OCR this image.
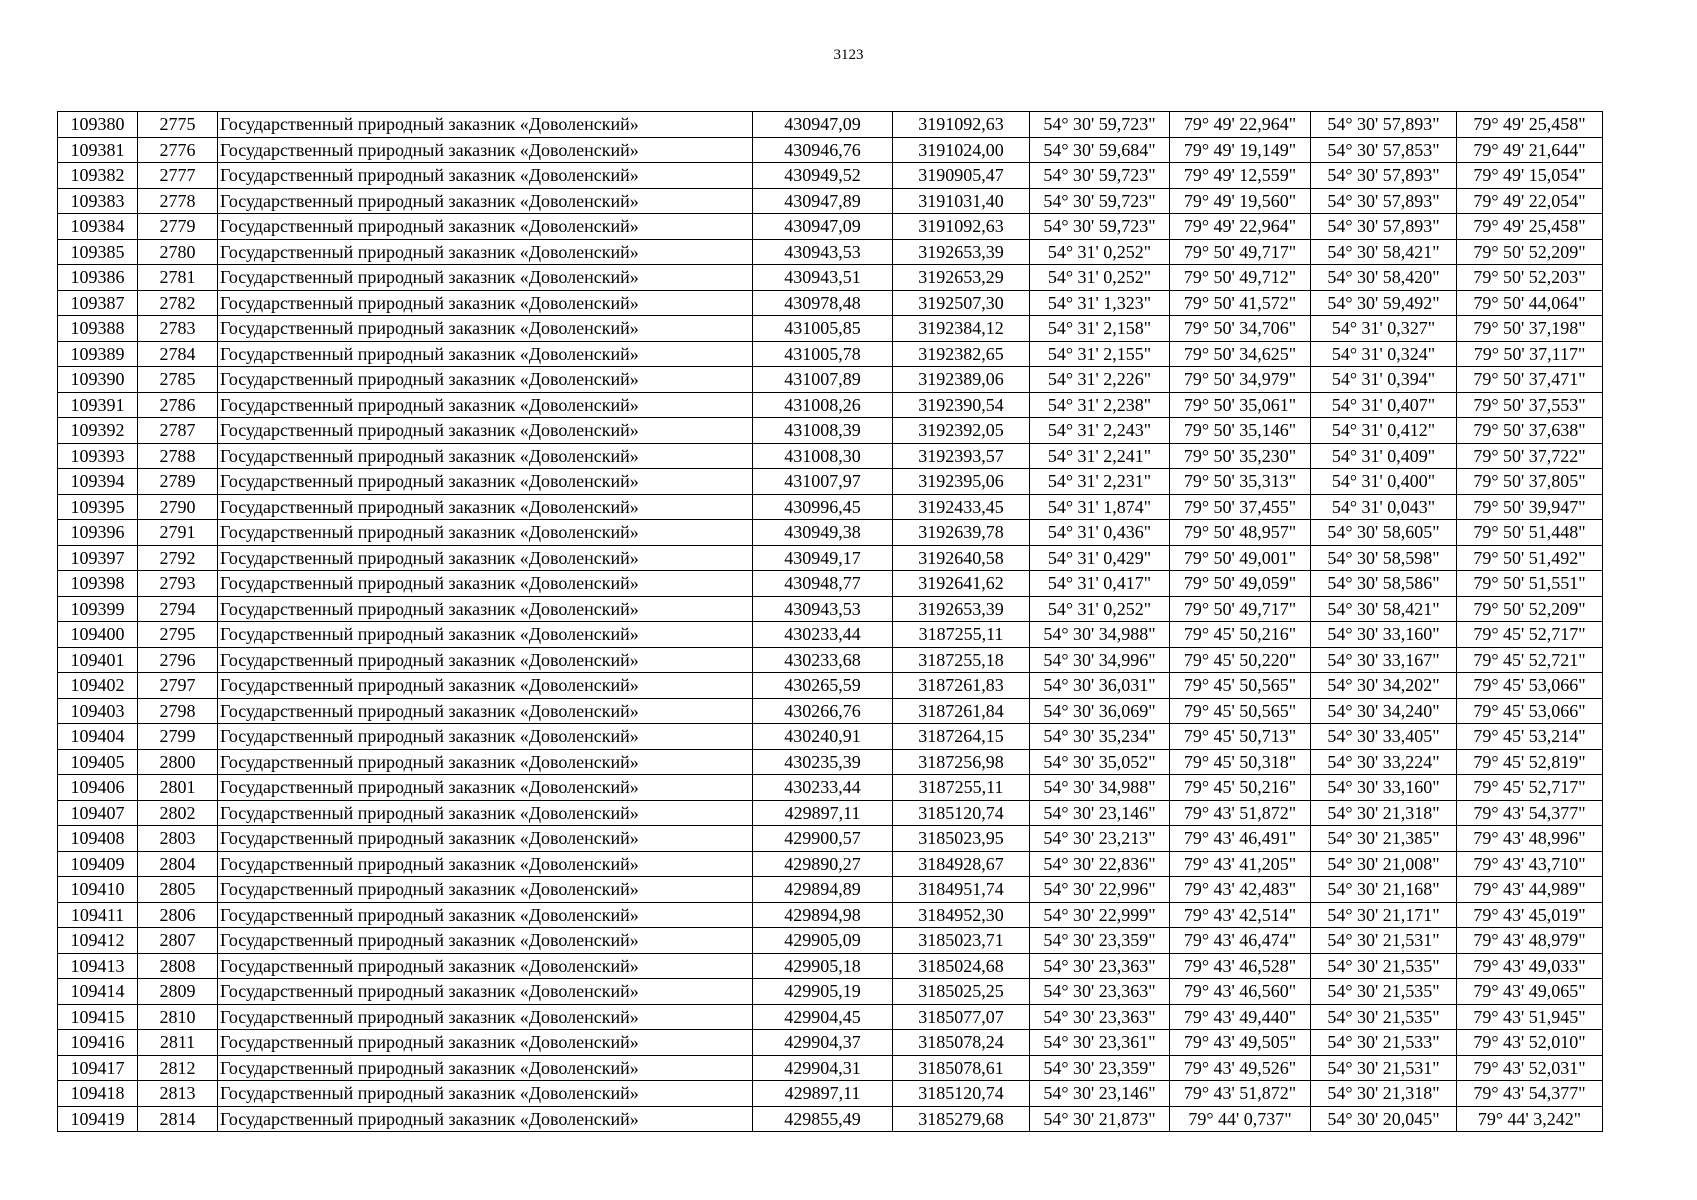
3123
109380	2775	Государственный природный заказник «Доволенский»	430947,09	3191092,63	54° 30' 59,723"	79° 49' 22,964"	54° 30' 57,893"	79° 49' 25,458"
109381	2776	Государственный природный заказник «Доволенский»	430946,76	3191024,00	54° 30' 59,684"	79° 49' 19,149"	54° 30' 57,853"	79° 49' 21,644"
109382	2777	Государственный природный заказник «Доволенский»	430949,52	3190905,47	54° 30' 59,723"	79° 49' 12,559"	54° 30' 57,893"	79° 49' 15,054"
109383	2778	Государственный природный заказник «Доволенский»	430947,89	3191031,40	54° 30' 59,723"	79° 49' 19,560"	54° 30' 57,893"	79° 49' 22,054"
109384	2779	Государственный природный заказник «Доволенский»	430947,09	3191092,63	54° 30' 59,723"	79° 49' 22,964"	54° 30' 57,893"	79° 49' 25,458"
109385	2780	Государственный природный заказник «Доволенский»	430943,53	3192653,39	54° 31' 0,252"	79° 50' 49,717"	54° 30' 58,421"	79° 50' 52,209"
109386	2781	Государственный природный заказник «Доволенский»	430943,51	3192653,29	54° 31' 0,252"	79° 50' 49,712"	54° 30' 58,420"	79° 50' 52,203"
109387	2782	Государственный природный заказник «Доволенский»	430978,48	3192507,30	54° 31' 1,323"	79° 50' 41,572"	54° 30' 59,492"	79° 50' 44,064"
109388	2783	Государственный природный заказник «Доволенский»	431005,85	3192384,12	54° 31' 2,158"	79° 50' 34,706"	54° 31' 0,327"	79° 50' 37,198"
109389	2784	Государственный природный заказник «Доволенский»	431005,78	3192382,65	54° 31' 2,155"	79° 50' 34,625"	54° 31' 0,324"	79° 50' 37,117"
109390	2785	Государственный природный заказник «Доволенский»	431007,89	3192389,06	54° 31' 2,226"	79° 50' 34,979"	54° 31' 0,394"	79° 50' 37,471"
109391	2786	Государственный природный заказник «Доволенский»	431008,26	3192390,54	54° 31' 2,238"	79° 50' 35,061"	54° 31' 0,407"	79° 50' 37,553"
109392	2787	Государственный природный заказник «Доволенский»	431008,39	3192392,05	54° 31' 2,243"	79° 50' 35,146"	54° 31' 0,412"	79° 50' 37,638"
109393	2788	Государственный природный заказник «Доволенский»	431008,30	3192393,57	54° 31' 2,241"	79° 50' 35,230"	54° 31' 0,409"	79° 50' 37,722"
109394	2789	Государственный природный заказник «Доволенский»	431007,97	3192395,06	54° 31' 2,231"	79° 50' 35,313"	54° 31' 0,400"	79° 50' 37,805"
109395	2790	Государственный природный заказник «Доволенский»	430996,45	3192433,45	54° 31' 1,874"	79° 50' 37,455"	54° 31' 0,043"	79° 50' 39,947"
109396	2791	Государственный природный заказник «Доволенский»	430949,38	3192639,78	54° 31' 0,436"	79° 50' 48,957"	54° 30' 58,605"	79° 50' 51,448"
109397	2792	Государственный природный заказник «Доволенский»	430949,17	3192640,58	54° 31' 0,429"	79° 50' 49,001"	54° 30' 58,598"	79° 50' 51,492"
109398	2793	Государственный природный заказник «Доволенский»	430948,77	3192641,62	54° 31' 0,417"	79° 50' 49,059"	54° 30' 58,586"	79° 50' 51,551"
109399	2794	Государственный природный заказник «Доволенский»	430943,53	3192653,39	54° 31' 0,252"	79° 50' 49,717"	54° 30' 58,421"	79° 50' 52,209"
109400	2795	Государственный природный заказник «Доволенский»	430233,44	3187255,11	54° 30' 34,988"	79° 45' 50,216"	54° 30' 33,160"	79° 45' 52,717"
109401	2796	Государственный природный заказник «Доволенский»	430233,68	3187255,18	54° 30' 34,996"	79° 45' 50,220"	54° 30' 33,167"	79° 45' 52,721"
109402	2797	Государственный природный заказник «Доволенский»	430265,59	3187261,83	54° 30' 36,031"	79° 45' 50,565"	54° 30' 34,202"	79° 45' 53,066"
109403	2798	Государственный природный заказник «Доволенский»	430266,76	3187261,84	54° 30' 36,069"	79° 45' 50,565"	54° 30' 34,240"	79° 45' 53,066"
109404	2799	Государственный природный заказник «Доволенский»	430240,91	3187264,15	54° 30' 35,234"	79° 45' 50,713"	54° 30' 33,405"	79° 45' 53,214"
109405	2800	Государственный природный заказник «Доволенский»	430235,39	3187256,98	54° 30' 35,052"	79° 45' 50,318"	54° 30' 33,224"	79° 45' 52,819"
109406	2801	Государственный природный заказник «Доволенский»	430233,44	3187255,11	54° 30' 34,988"	79° 45' 50,216"	54° 30' 33,160"	79° 45' 52,717"
109407	2802	Государственный природный заказник «Доволенский»	429897,11	3185120,74	54° 30' 23,146"	79° 43' 51,872"	54° 30' 21,318"	79° 43' 54,377"
109408	2803	Государственный природный заказник «Доволенский»	429900,57	3185023,95	54° 30' 23,213"	79° 43' 46,491"	54° 30' 21,385"	79° 43' 48,996"
109409	2804	Государственный природный заказник «Доволенский»	429890,27	3184928,67	54° 30' 22,836"	79° 43' 41,205"	54° 30' 21,008"	79° 43' 43,710"
109410	2805	Государственный природный заказник «Доволенский»	429894,89	3184951,74	54° 30' 22,996"	79° 43' 42,483"	54° 30' 21,168"	79° 43' 44,989"
109411	2806	Государственный природный заказник «Доволенский»	429894,98	3184952,30	54° 30' 22,999"	79° 43' 42,514"	54° 30' 21,171"	79° 43' 45,019"
109412	2807	Государственный природный заказник «Доволенский»	429905,09	3185023,71	54° 30' 23,359"	79° 43' 46,474"	54° 30' 21,531"	79° 43' 48,979"
109413	2808	Государственный природный заказник «Доволенский»	429905,18	3185024,68	54° 30' 23,363"	79° 43' 46,528"	54° 30' 21,535"	79° 43' 49,033"
109414	2809	Государственный природный заказник «Доволенский»	429905,19	3185025,25	54° 30' 23,363"	79° 43' 46,560"	54° 30' 21,535"	79° 43' 49,065"
109415	2810	Государственный природный заказник «Доволенский»	429904,45	3185077,07	54° 30' 23,363"	79° 43' 49,440"	54° 30' 21,535"	79° 43' 51,945"
109416	2811	Государственный природный заказник «Доволенский»	429904,37	3185078,24	54° 30' 23,361"	79° 43' 49,505"	54° 30' 21,533"	79° 43' 52,010"
109417	2812	Государственный природный заказник «Доволенский»	429904,31	3185078,61	54° 30' 23,359"	79° 43' 49,526"	54° 30' 21,531"	79° 43' 52,031"
109418	2813	Государственный природный заказник «Доволенский»	429897,11	3185120,74	54° 30' 23,146"	79° 43' 51,872"	54° 30' 21,318"	79° 43' 54,377"
109419	2814	Государственный природный заказник «Доволенский»	429855,49	3185279,68	54° 30' 21,873"	79° 44' 0,737"	54° 30' 20,045"	79° 44' 3,242"
